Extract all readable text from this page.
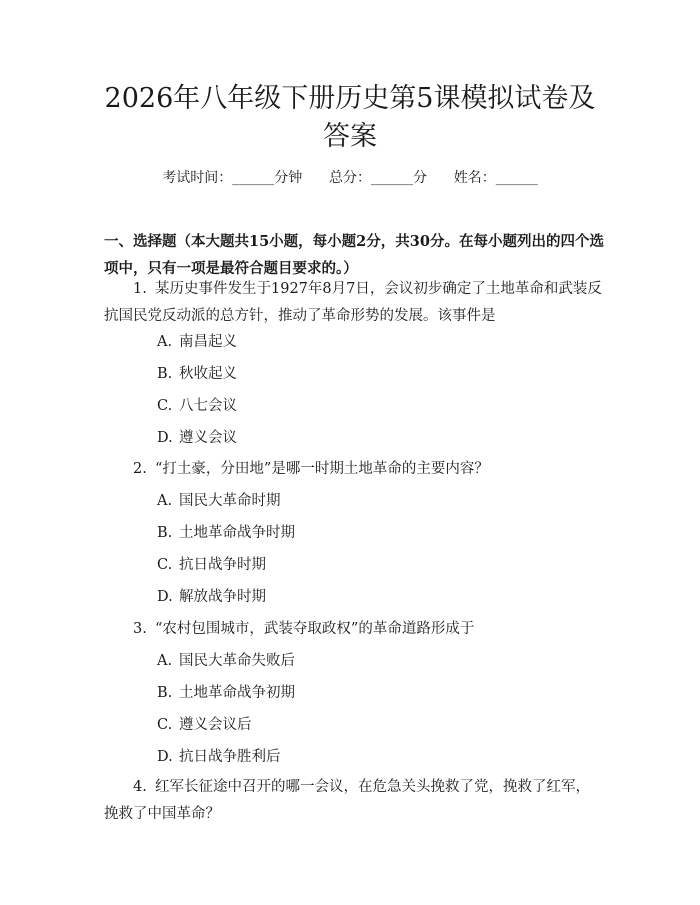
2026年八年级下册历史第5课模拟试卷及答案
考试时间：______分钟      总分：______分      姓名：______
一、选择题（本大题共15小题，每小题2分，共30分。在每小题列出的四个选项中，只有一项是最符合题目要求的。）
1. 某历史事件发生于1927年8月7日，会议初步确定了土地革命和武装反抗国民党反动派的总方针，推动了革命形势的发展。该事件是
A. 南昌起义
B. 秋收起义
C. 八七会议
D. 遵义会议
2. “打土豪，分田地”是哪一时期土地革命的主要内容？
A. 国民大革命时期
B. 土地革命战争时期
C. 抗日战争时期
D. 解放战争时期
3. “农村包围城市，武装夺取政权”的革命道路形成于
A. 国民大革命失败后
B. 土地革命战争初期
C. 遵义会议后
D. 抗日战争胜利后
4. 红军长征途中召开的哪一会议，在危急关头挽救了党，挽救了红军，挽救了中国革命？
